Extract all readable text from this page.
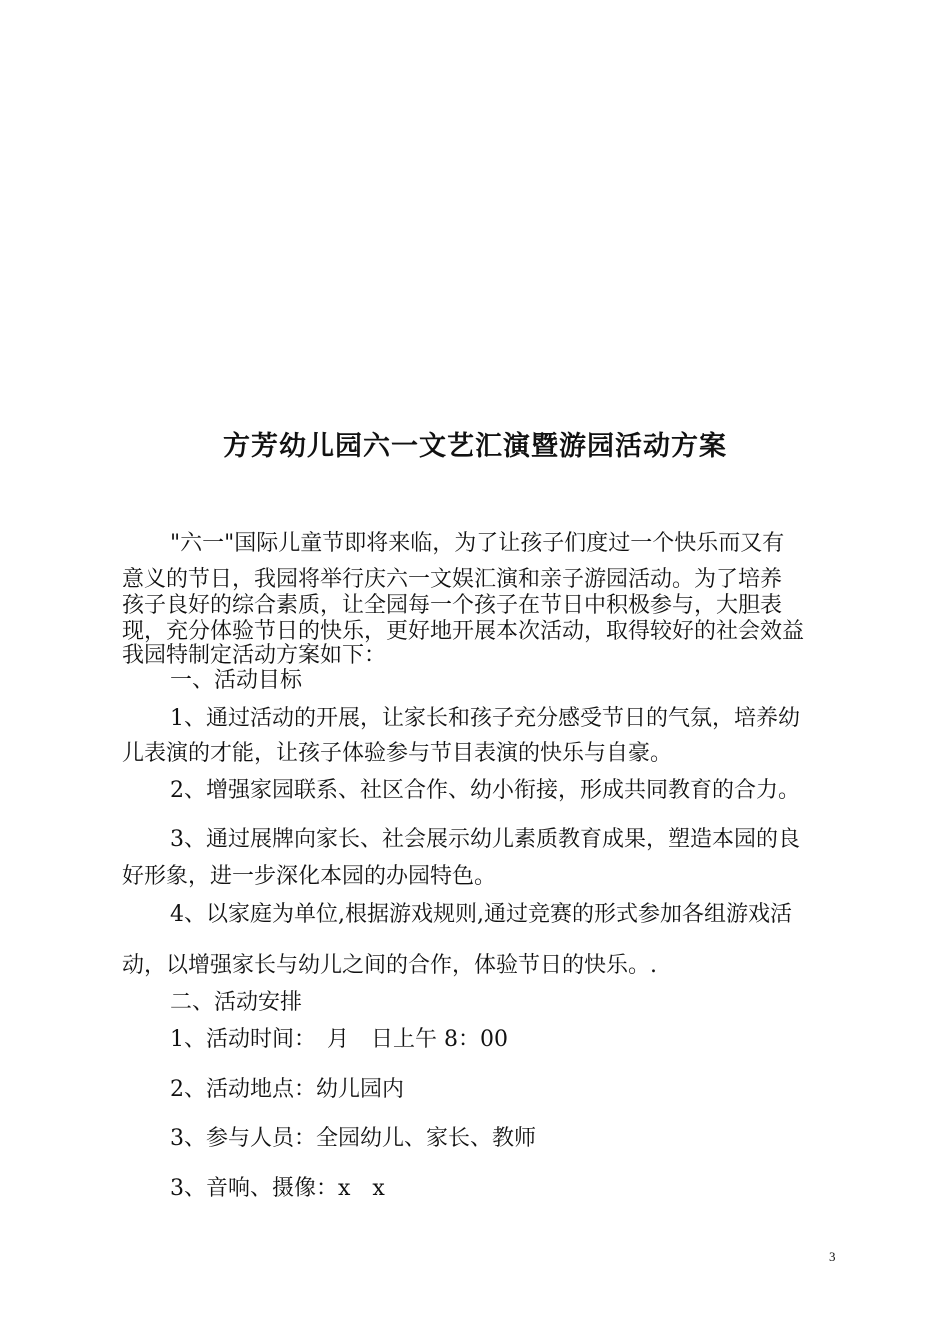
方芳幼儿园六一文艺汇演暨游园活动方案
"六一"国际儿童节即将来临，为了让孩子们度过一个快乐而又有
意义的节日，我园将举行庆六一文娱汇演和亲子游园活动。为了培养
孩子良好的综合素质，让全园每一个孩子在节日中积极参与，大胆表
现，充分体验节日的快乐，更好地开展本次活动，取得较好的社会效益
我园特制定活动方案如下：
一、活动目标
1、通过活动的开展，让家长和孩子充分感受节日的气氛，培养幼
儿表演的才能，让孩子体验参与节目表演的快乐与自豪。
2、增强家园联系、社区合作、幼小衔接，形成共同教育的合力。
3、通过展牌向家长、社会展示幼儿素质教育成果，塑造本园的良
好形象，进一步深化本园的办园特色。
4、以家庭为单位,根据游戏规则,通过竞赛的形式参加各组游戏活
动，以增强家长与幼儿之间的合作，体验节日的快乐。.
二、活动安排
1、活动时间：　月　日上午 8：00
2、活动地点：幼儿园内
3、参与人员：全园幼儿、家长、教师
3、音响、摄像：x　x
3
